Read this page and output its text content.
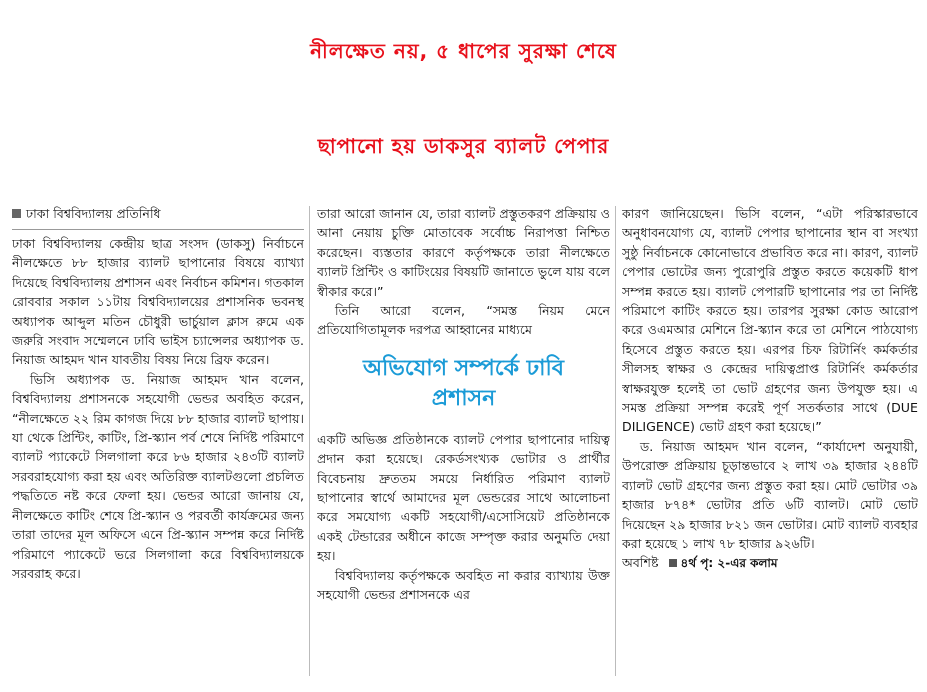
নীলক্ষেত নয়, ৫ ধাপের সুরক্ষা শেষে
ছাপানো হয় ডাকসুর ব্যালট পেপার
ঢাকা বিশ্ববিদ্যালয় প্রতিনিধি

ঢাকা বিশ্ববিদ্যালয় কেন্দ্রীয় ছাত্র সংসদ (ডাকসু) নির্বাচনে নীলক্ষেতে ৮৮ হাজার ব্যালট ছাপানোর বিষয়ে ব্যাখ্যা দিয়েছে বিশ্ববিদ্যালয় প্রশাসন এবং নির্বাচন কমিশন। গতকাল রোববার সকাল ১১টায় বিশ্ববিদ্যালয়ের প্রশাসনিক ভবনস্থ অধ্যাপক আব্দুল মতিন চৌধুরী ভার্চুয়াল ক্লাস রুমে এক জরুরি সংবাদ সম্মেলনে ঢাবি ভাইস চ্যান্সেলর অধ্যাপক ড. নিয়াজ আহমদ খান যাবতীয় বিষয় নিয়ে ব্রিফ করেন।

ভিসি অধ্যাপক ড. নিয়াজ আহমদ খান বলেন, বিশ্ববিদ্যালয় প্রশাসনকে সহযোগী ভেন্ডর অবহিত করেন, “নীলক্ষেতে ২২ রিম কাগজ দিয়ে ৮৮ হাজার ব্যালট ছাপায়। যা থেকে প্রিন্টিং, কাটিং, প্রি-স্ক্যান পর্ব শেষে নির্দিষ্ট পরিমাণে ব্যালট প্যাকেটে সিলগালা করে ৮৬ হাজার ২৪৩টি ব্যালট সরবরাহযোগ্য করা হয় এবং অতিরিক্ত ব্যালটগুলো প্রচলিত পদ্ধতিতে নষ্ট করে ফেলা হয়। ভেন্ডর আরো জানায় যে, নীলক্ষেতে কাটিং শেষে প্রি-স্ক্যান ও পরবর্তী কার্যক্রমের জন্য তারা তাদের মূল অফিসে এনে প্রি-স্ক্যান সম্পন্ন করে নির্দিষ্ট পরিমাণে প্যাকেটে ভরে সিলগালা করে বিশ্ববিদ্যালয়কে সরবরাহ করে।

তারা আরো জানান যে, তারা ব্যালট প্রস্তুতকরণ প্রক্রিয়ায় ও আনা নেয়ায় চুক্তি মোতাবেক সর্বোচ্চ নিরাপত্তা নিশ্চিত করেছেন। ব্যস্ততার কারণে কর্তৃপক্ষকে তারা নীলক্ষেতে ব্যালট প্রিন্টিং ও কাটিংয়ের বিষয়টি জানাতে ভুলে যায় বলে স্বীকার করে।”

তিনি আরো বলেন, “সমস্ত নিয়ম মেনে প্রতিযোগিতামূলক দরপত্র আহ্বানের মাধ্যমে

অভিযোগ সম্পর্কে ঢাবি
প্রশাসন

একটি অভিজ্ঞ প্রতিষ্ঠানকে ব্যালট পেপার ছাপানোর দায়িত্ব প্রদান করা হয়েছে। রেকর্ডসংখ্যক ভোটার ও প্রার্থীর বিবেচনায় দ্রুততম সময়ে নির্ধারিত পরিমাণ ব্যালট ছাপানোর স্বার্থে আমাদের মূল ভেন্ডরের সাথে আলোচনা করে সমযোগ্য একটি সহযোগী/এসোসিয়েট প্রতিষ্ঠানকে একই টেন্ডারের অধীনে কাজে সম্পৃক্ত করার অনুমতি দেয়া হয়।

বিশ্ববিদ্যালয় কর্তৃপক্ষকে অবহিত না করার ব্যাখ্যায় উক্ত সহযোগী ভেন্ডর প্রশাসনকে এর

কারণ জানিয়েছেন। ভিসি বলেন, “এটা পরিস্কারভাবে অনুধাবনযোগ্য যে, ব্যালট পেপার ছাপানোর স্থান বা সংখ্যা সুষ্ঠু নির্বাচনকে কোনোভাবে প্রভাবিত করে না। কারণ, ব্যালট পেপার ভোটের জন্য পুরোপুরি প্রস্তুত করতে কয়েকটি ধাপ সম্পন্ন করতে হয়। ব্যালট পেপারটি ছাপানোর পর তা নির্দিষ্ট পরিমাপে কাটিং করতে হয়। তারপর সুরক্ষা কোড আরোপ করে ওএমআর মেশিনে প্রি-স্ক্যান করে তা মেশিনে পাঠযোগ্য হিসেবে প্রস্তুত করতে হয়। এরপর চিফ রিটার্নিং কর্মকর্তার সীলসহ স্বাক্ষর ও কেন্দ্রের দায়িত্বপ্রাপ্ত রিটার্নিং কর্মকর্তার স্বাক্ষরযুক্ত হলেই তা ভোট গ্রহণের জন্য উপযুক্ত হয়। এ সমস্ত প্রক্রিয়া সম্পন্ন করেই পূর্ণ সতর্কতার সাথে (DUE DILIGENCE) ভোট গ্রহণ করা হয়েছে।”

ড. নিয়াজ আহমদ খান বলেন, “কার্যাদেশ অনুযায়ী, উপরোক্ত প্রক্রিয়ায় চূড়ান্তভাবে ২ লাখ ৩৯ হাজার ২৪৪টি ব্যালট ভোট গ্রহণের জন্য প্রস্তুত করা হয়। মোট ভোটার ৩৯ হাজার ৮৭৪* ভোটার প্রতি ৬টি ব্যালট। মোট ভোট দিয়েছেন ২৯ হাজার ৮২১ জন ভোটার। মোট ব্যালট ব্যবহার করা হয়েছে ১ লাখ ৭৮ হাজার ৯২৬টি।

অবশিষ্ট ৪র্থ পৃ: ২-এর কলাম
